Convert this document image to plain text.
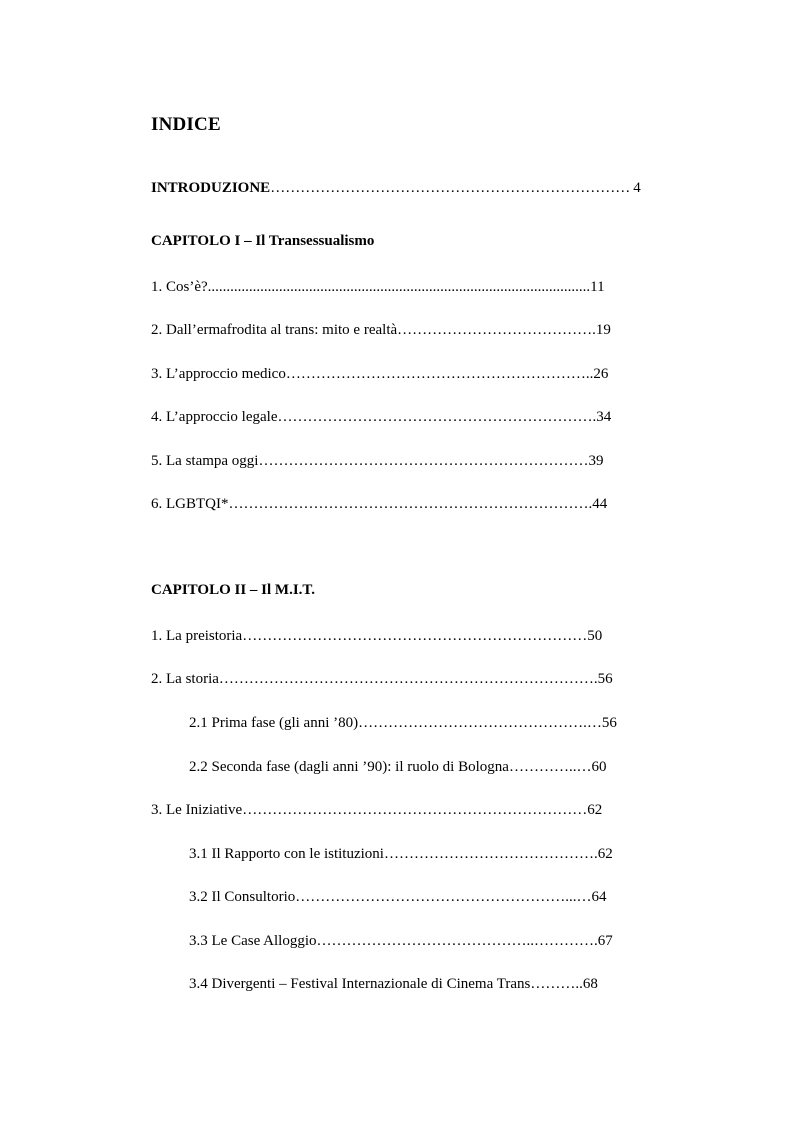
INDICE
INTRODUZIONE……………………………………………………………… 4
CAPITOLO I – Il Transessualismo
1. Cos’è?......................................................................................................11
2. Dall’ermafrodita al trans: mito e realtà………………………………….19
3. L’approccio medico……………………………………………………..26
4. L’approccio legale……………………………………………………….34
5. La stampa oggi…………………………………………………………39
6. LGBTQI*……………………………………………………………….44
CAPITOLO II – Il M.I.T.
1. La preistoria……………………………………………………………50
2. La storia………………………………………………………………….56
2.1 Prima fase (gli anni ’80)……………………………………….…56
2.2 Seconda fase (dagli anni ’90): il ruolo di Bologna…………..…60
3. Le Iniziative……………………………………………………………62
3.1 Il Rapporto con le istituzioni…………………………………….62
3.2 Il Consultorio………………………………………………...…64
3.3 Le Case Alloggio……………………………………..………….67
3.4 Divergenti – Festival Internazionale di Cinema Trans………..68
